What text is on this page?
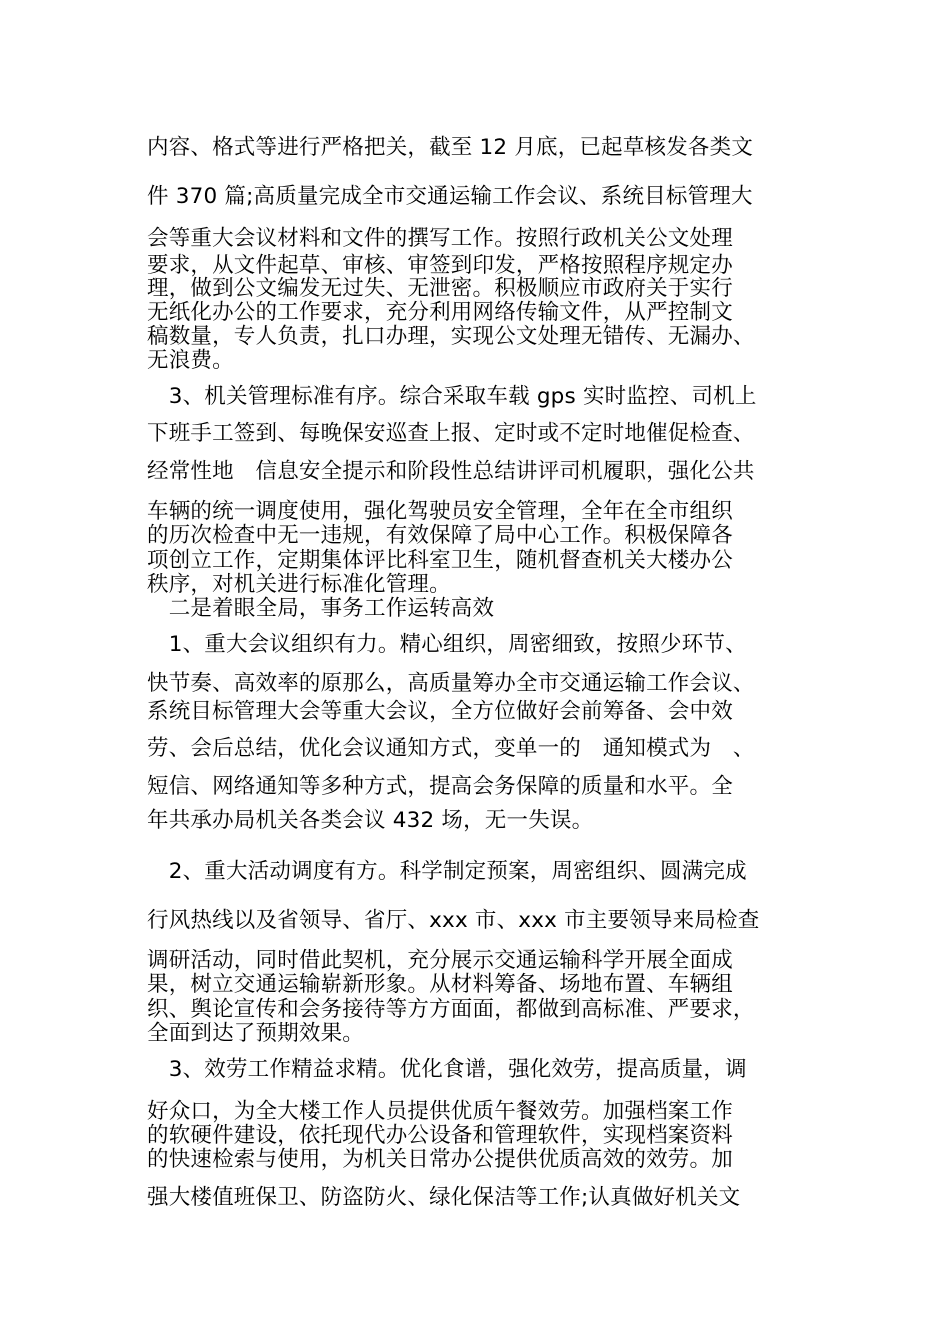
内容、格式等进行严格把关，截至 12 月底，已起草核发各类文
件 370 篇;高质量完成全市交通运输工作会议、系统目标管理大
会等重大会议材料和文件的撰写工作。按照行政机关公文处理
要求，从文件起草、审核、审签到印发，严格按照程序规定办
理，做到公文编发无过失、无泄密。积极顺应市政府关于实行
无纸化办公的工作要求，充分利用网络传输文件，从严控制文
稿数量，专人负责，扎口办理，实现公文处理无错传、无漏办、
无浪费。
　3、机关管理标准有序。综合采取车载 gps 实时监控、司机上
下班手工签到、每晚保安巡查上报、定时或不定时地催促检查、
经常性地　信息安全提示和阶段性总结讲评司机履职，强化公共
车辆的统一调度使用，强化驾驶员安全管理，全年在全市组织
的历次检查中无一违规，有效保障了局中心工作。积极保障各
项创立工作，定期集体评比科室卫生，随机督查机关大楼办公
秩序，对机关进行标准化管理。
　二是着眼全局，事务工作运转高效
　1、重大会议组织有力。精心组织，周密细致，按照少环节、
快节奏、高效率的原那么，高质量筹办全市交通运输工作会议、
系统目标管理大会等重大会议，全方位做好会前筹备、会中效
劳、会后总结，优化会议通知方式，变单一的　通知模式为　、
短信、网络通知等多种方式，提高会务保障的质量和水平。全
年共承办局机关各类会议 432 场，无一失误。
　2、重大活动调度有方。科学制定预案，周密组织、圆满完成
行风热线以及省领导、省厅、xxx 市、xxx 市主要领导来局检查
调研活动，同时借此契机，充分展示交通运输科学开展全面成
果，树立交通运输崭新形象。从材料筹备、场地布置、车辆组
织、舆论宣传和会务接待等方方面面，都做到高标准、严要求，
全面到达了预期效果。
　3、效劳工作精益求精。优化食谱，强化效劳，提高质量，调
好众口，为全大楼工作人员提供优质午餐效劳。加强档案工作
的软硬件建设，依托现代办公设备和管理软件，实现档案资料
的快速检索与使用，为机关日常办公提供优质高效的效劳。加
强大楼值班保卫、防盗防火、绿化保洁等工作;认真做好机关文
